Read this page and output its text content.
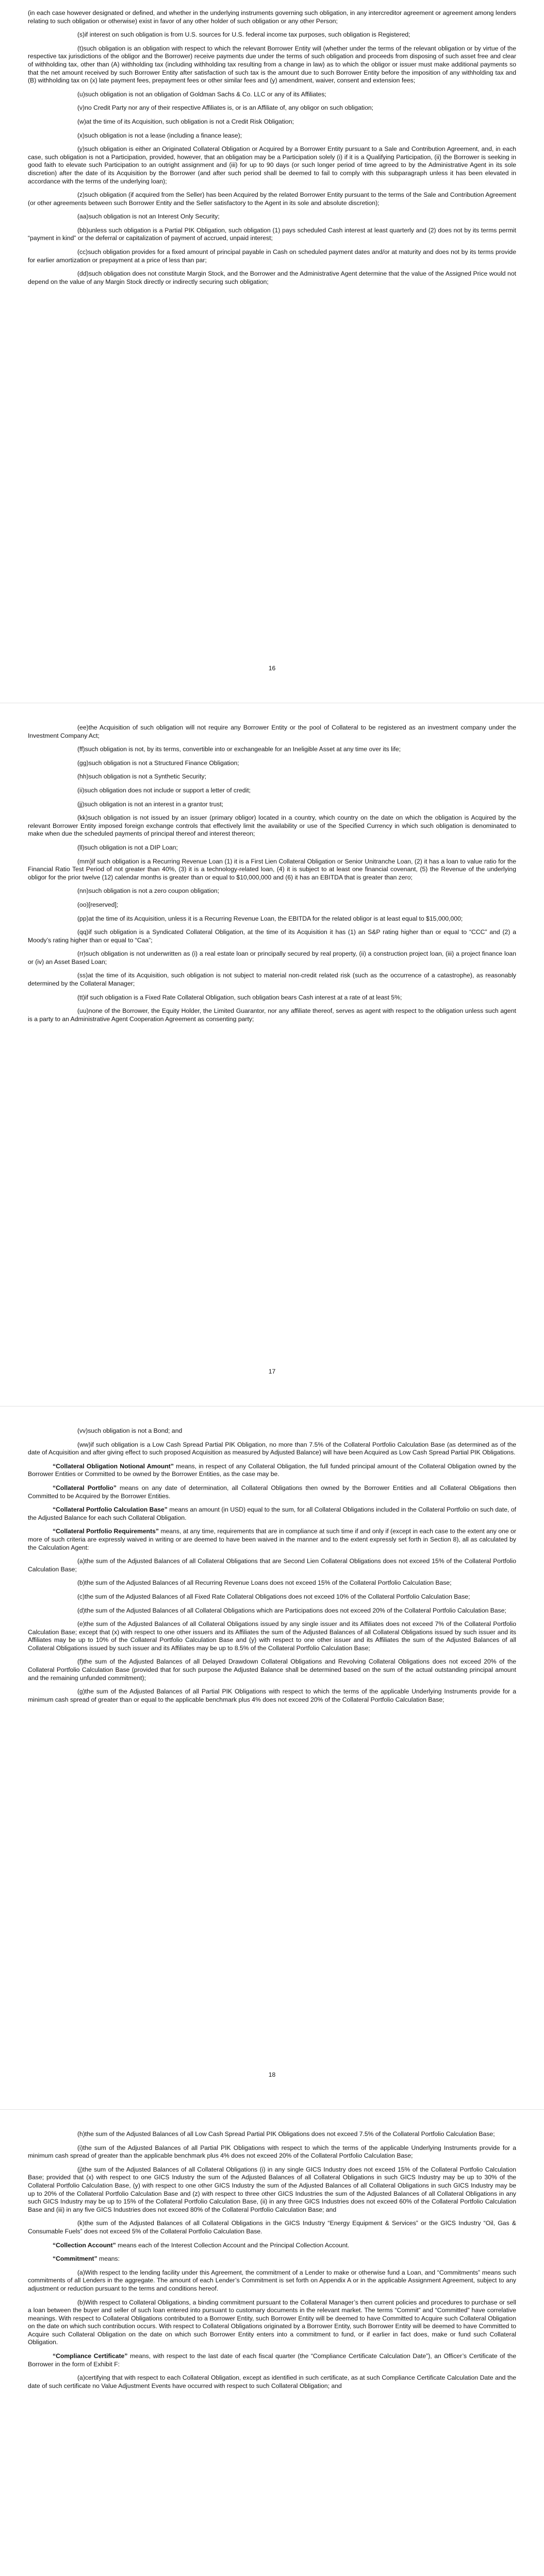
(in each case however designated or defined, and whether in the underlying instruments governing such obligation, in any intercreditor agreement or agreement among lenders relating to such obligation or otherwise) exist in favor of any other holder of such obligation or any other Person;

(s)if interest on such obligation is from U.S. sources for U.S. federal income tax purposes, such obligation is Registered;

(t)such obligation is an obligation with respect to which the relevant Borrower Entity will (whether under the terms of the relevant obligation or by virtue of the respective tax jurisdictions of the obligor and the Borrower) receive payments due under the terms of such obligation and proceeds from disposing of such asset free and clear of withholding tax, other than (A) withholding tax (including withholding tax resulting from a change in law) as to which the obligor or issuer must make additional payments so that the net amount received by such Borrower Entity after satisfaction of such tax is the amount due to such Borrower Entity before the imposition of any withholding tax and (B) withholding tax on (x) late payment fees, prepayment fees or other similar fees and (y) amendment, waiver, consent and extension fees;

(u)such obligation is not an obligation of Goldman Sachs & Co. LLC or any of its Affiliates;

(v)no Credit Party nor any of their respective Affiliates is, or is an Affiliate of, any obligor on such obligation;

(w)at the time of its Acquisition, such obligation is not a Credit Risk Obligation;

(x)such obligation is not a lease (including a finance lease);

(y)such obligation is either an Originated Collateral Obligation or Acquired by a Borrower Entity pursuant to a Sale and Contribution Agreement, and, in each case, such obligation is not a Participation, provided, however, that an obligation may be a Participation solely (i) if it is a Qualifying Participation, (ii) the Borrower is seeking in good faith to elevate such Participation to an outright assignment and (iii) for up to 90 days (or such longer period of time agreed to by the Administrative Agent in its sole discretion) after the date of its Acquisition by the Borrower (and after such period shall be deemed to fail to comply with this subparagraph unless it has been elevated in accordance with the terms of the underlying loan);

(z)such obligation (if acquired from the Seller) has been Acquired by the related Borrower Entity pursuant to the terms of the Sale and Contribution Agreement (or other agreements between such Borrower Entity and the Seller satisfactory to the Agent in its sole and absolute discretion);

(aa)such obligation is not an Interest Only Security;

(bb)unless such obligation is a Partial PIK Obligation, such obligation (1) pays scheduled Cash interest at least quarterly and (2) does not by its terms permit “payment in kind” or the deferral or capitalization of payment of accrued, unpaid interest;

(cc)such obligation provides for a fixed amount of principal payable in Cash on scheduled payment dates and/or at maturity and does not by its terms provide for earlier amortization or prepayment at a price of less than par;

(dd)such obligation does not constitute Margin Stock, and the Borrower and the Administrative Agent determine that the value of the Assigned Price would not depend on the value of any Margin Stock directly or indirectly securing such obligation;

16

(ee)the Acquisition of such obligation will not require any Borrower Entity or the pool of Collateral to be registered as an investment company under the Investment Company Act;

(ff)such obligation is not, by its terms, convertible into or exchangeable for an Ineligible Asset at any time over its life;

(gg)such obligation is not a Structured Finance Obligation;

(hh)such obligation is not a Synthetic Security;

(ii)such obligation does not include or support a letter of credit;

(jj)such obligation is not an interest in a grantor trust;

(kk)such obligation is not issued by an issuer (primary obligor) located in a country, which country on the date on which the obligation is Acquired by the relevant Borrower Entity imposed foreign exchange controls that effectively limit the availability or use of the Specified Currency in which such obligation is denominated to make when due the scheduled payments of principal thereof and interest thereon;

(ll)such obligation is not a DIP Loan;

(mm)if such obligation is a Recurring Revenue Loan (1) it is a First Lien Collateral Obligation or Senior Unitranche Loan, (2) it has a loan to value ratio for the Financial Ratio Test Period of not greater than 40%, (3) it is a technology-related loan, (4) it is subject to at least one financial covenant, (5) the Revenue of the underlying obligor for the prior twelve (12) calendar months is greater than or equal to $10,000,000 and (6) it has an EBITDA that is greater than zero;

(nn)such obligation is not a zero coupon obligation;

(oo)[reserved];

(pp)at the time of its Acquisition, unless it is a Recurring Revenue Loan, the EBITDA for the related obligor is at least equal to $15,000,000;

(qq)if such obligation is a Syndicated Collateral Obligation, at the time of its Acquisition it has (1) an S&P rating higher than or equal to “CCC” and (2) a Moody’s rating higher than or equal to “Caa”;

(rr)such obligation is not underwritten as (i) a real estate loan or principally secured by real property, (ii) a construction project loan, (iii) a project finance loan or (iv) an Asset Based Loan;

(ss)at the time of its Acquisition, such obligation is not subject to material non-credit related risk (such as the occurrence of a catastrophe), as reasonably determined by the Collateral Manager;

(tt)if such obligation is a Fixed Rate Collateral Obligation, such obligation bears Cash interest at a rate of at least 5%;

(uu)none of the Borrower, the Equity Holder, the Limited Guarantor, nor any affiliate thereof, serves as agent with respect to the obligation unless such agent is a party to an Administrative Agent Cooperation Agreement as consenting party;

17

(vv)such obligation is not a Bond; and

(ww)if such obligation is a Low Cash Spread Partial PIK Obligation, no more than 7.5% of the Collateral Portfolio Calculation Base (as determined as of the date of Acquisition and after giving effect to such proposed Acquisition as measured by Adjusted Balance) will have been Acquired as Low Cash Spread Partial PIK Obligations.

“Collateral Obligation Notional Amount” means, in respect of any Collateral Obligation, the full funded principal amount of the Collateral Obligation owned by the Borrower Entities or Committed to be owned by the Borrower Entities, as the case may be.

“Collateral Portfolio” means on any date of determination, all Collateral Obligations then owned by the Borrower Entities and all Collateral Obligations then Committed to be Acquired by the Borrower Entities.

“Collateral Portfolio Calculation Base” means an amount (in USD) equal to the sum, for all Collateral Obligations included in the Collateral Portfolio on such date, of the Adjusted Balance for each such Collateral Obligation.

“Collateral Portfolio Requirements” means, at any time, requirements that are in compliance at such time if and only if (except in each case to the extent any one or more of such criteria are expressly waived in writing or are deemed to have been waived in the manner and to the extent expressly set forth in Section 8), all as calculated by the Calculation Agent:

(a)the sum of the Adjusted Balances of all Collateral Obligations that are Second Lien Collateral Obligations does not exceed 15% of the Collateral Portfolio Calculation Base;

(b)the sum of the Adjusted Balances of all Recurring Revenue Loans does not exceed 15% of the Collateral Portfolio Calculation Base;

(c)the sum of the Adjusted Balances of all Fixed Rate Collateral Obligations does not exceed 10% of the Collateral Portfolio Calculation Base;

(d)the sum of the Adjusted Balances of all Collateral Obligations which are Participations does not exceed 20% of the Collateral Portfolio Calculation Base;

(e)the sum of the Adjusted Balances of all Collateral Obligations issued by any single issuer and its Affiliates does not exceed 7% of the Collateral Portfolio Calculation Base; except that (x) with respect to one other issuers and its Affiliates the sum of the Adjusted Balances of all Collateral Obligations issued by such issuer and its Affiliates may be up to 10% of the Collateral Portfolio Calculation Base and (y) with respect to one other issuer and its Affiliates the sum of the Adjusted Balances of all Collateral Obligations issued by such issuer and its Affiliates may be up to 8.5% of the Collateral Portfolio Calculation Base;

(f)the sum of the Adjusted Balances of all Delayed Drawdown Collateral Obligations and Revolving Collateral Obligations does not exceed 20% of the Collateral Portfolio Calculation Base (provided that for such purpose the Adjusted Balance shall be determined based on the sum of the actual outstanding principal amount and the remaining unfunded commitment);

(g)the sum of the Adjusted Balances of all Partial PIK Obligations with respect to which the terms of the applicable Underlying Instruments provide for a minimum cash spread of greater than or equal to the applicable benchmark plus 4% does not exceed 20% of the Collateral Portfolio Calculation Base;

18

(h)the sum of the Adjusted Balances of all Low Cash Spread Partial PIK Obligations does not exceed 7.5% of the Collateral Portfolio Calculation Base;

(i)the sum of the Adjusted Balances of all Partial PIK Obligations with respect to which the terms of the applicable Underlying Instruments provide for a minimum cash spread of greater than the applicable benchmark plus 4% does not exceed 20% of the Collateral Portfolio Calculation Base;

(j)the sum of the Adjusted Balances of all Collateral Obligations (i) in any single GICS Industry does not exceed 15% of the Collateral Portfolio Calculation Base; provided that (x) with respect to one GICS Industry the sum of the Adjusted Balances of all Collateral Obligations in such GICS Industry may be up to 30% of the Collateral Portfolio Calculation Base, (y) with respect to one other GICS Industry the sum of the Adjusted Balances of all Collateral Obligations in such GICS Industry may be up to 20% of the Collateral Portfolio Calculation Base and (z) with respect to three other GICS Industries the sum of the Adjusted Balances of all Collateral Obligations in any such GICS Industry may be up to 15% of the Collateral Portfolio Calculation Base, (ii) in any three GICS Industries does not exceed 60% of the Collateral Portfolio Calculation Base and (iii) in any five GICS Industries does not exceed 80% of the Collateral Portfolio Calculation Base; and

(k)the sum of the Adjusted Balances of all Collateral Obligations in the GICS Industry “Energy Equipment & Services” or the GICS Industry “Oil, Gas & Consumable Fuels” does not exceed 5% of the Collateral Portfolio Calculation Base.

“Collection Account” means each of the Interest Collection Account and the Principal Collection Account.

“Commitment” means:

(a)With respect to the lending facility under this Agreement, the commitment of a Lender to make or otherwise fund a Loan, and “Commitments” means such commitments of all Lenders in the aggregate. The amount of each Lender’s Commitment is set forth on Appendix A or in the applicable Assignment Agreement, subject to any adjustment or reduction pursuant to the terms and conditions hereof.

(b)With respect to Collateral Obligations, a binding commitment pursuant to the Collateral Manager’s then current policies and procedures to purchase or sell a loan between the buyer and seller of such loan entered into pursuant to customary documents in the relevant market. The terms “Commit” and “Committed” have correlative meanings. With respect to Collateral Obligations contributed to a Borrower Entity, such Borrower Entity will be deemed to have Committed to Acquire such Collateral Obligation on the date on which such contribution occurs. With respect to Collateral Obligations originated by a Borrower Entity, such Borrower Entity will be deemed to have Committed to Acquire such Collateral Obligation on the date on which such Borrower Entity enters into a commitment to fund, or if earlier in fact does, make or fund such Collateral Obligation.

“Compliance Certificate” means, with respect to the last date of each fiscal quarter (the “Compliance Certificate Calculation Date”), an Officer’s Certificate of the Borrower in the form of Exhibit F:

(a)certifying that with respect to each Collateral Obligation, except as identified in such certificate, as at such Compliance Certificate Calculation Date and the date of such certificate no Value Adjustment Events have occurred with respect to such Collateral Obligation; and
